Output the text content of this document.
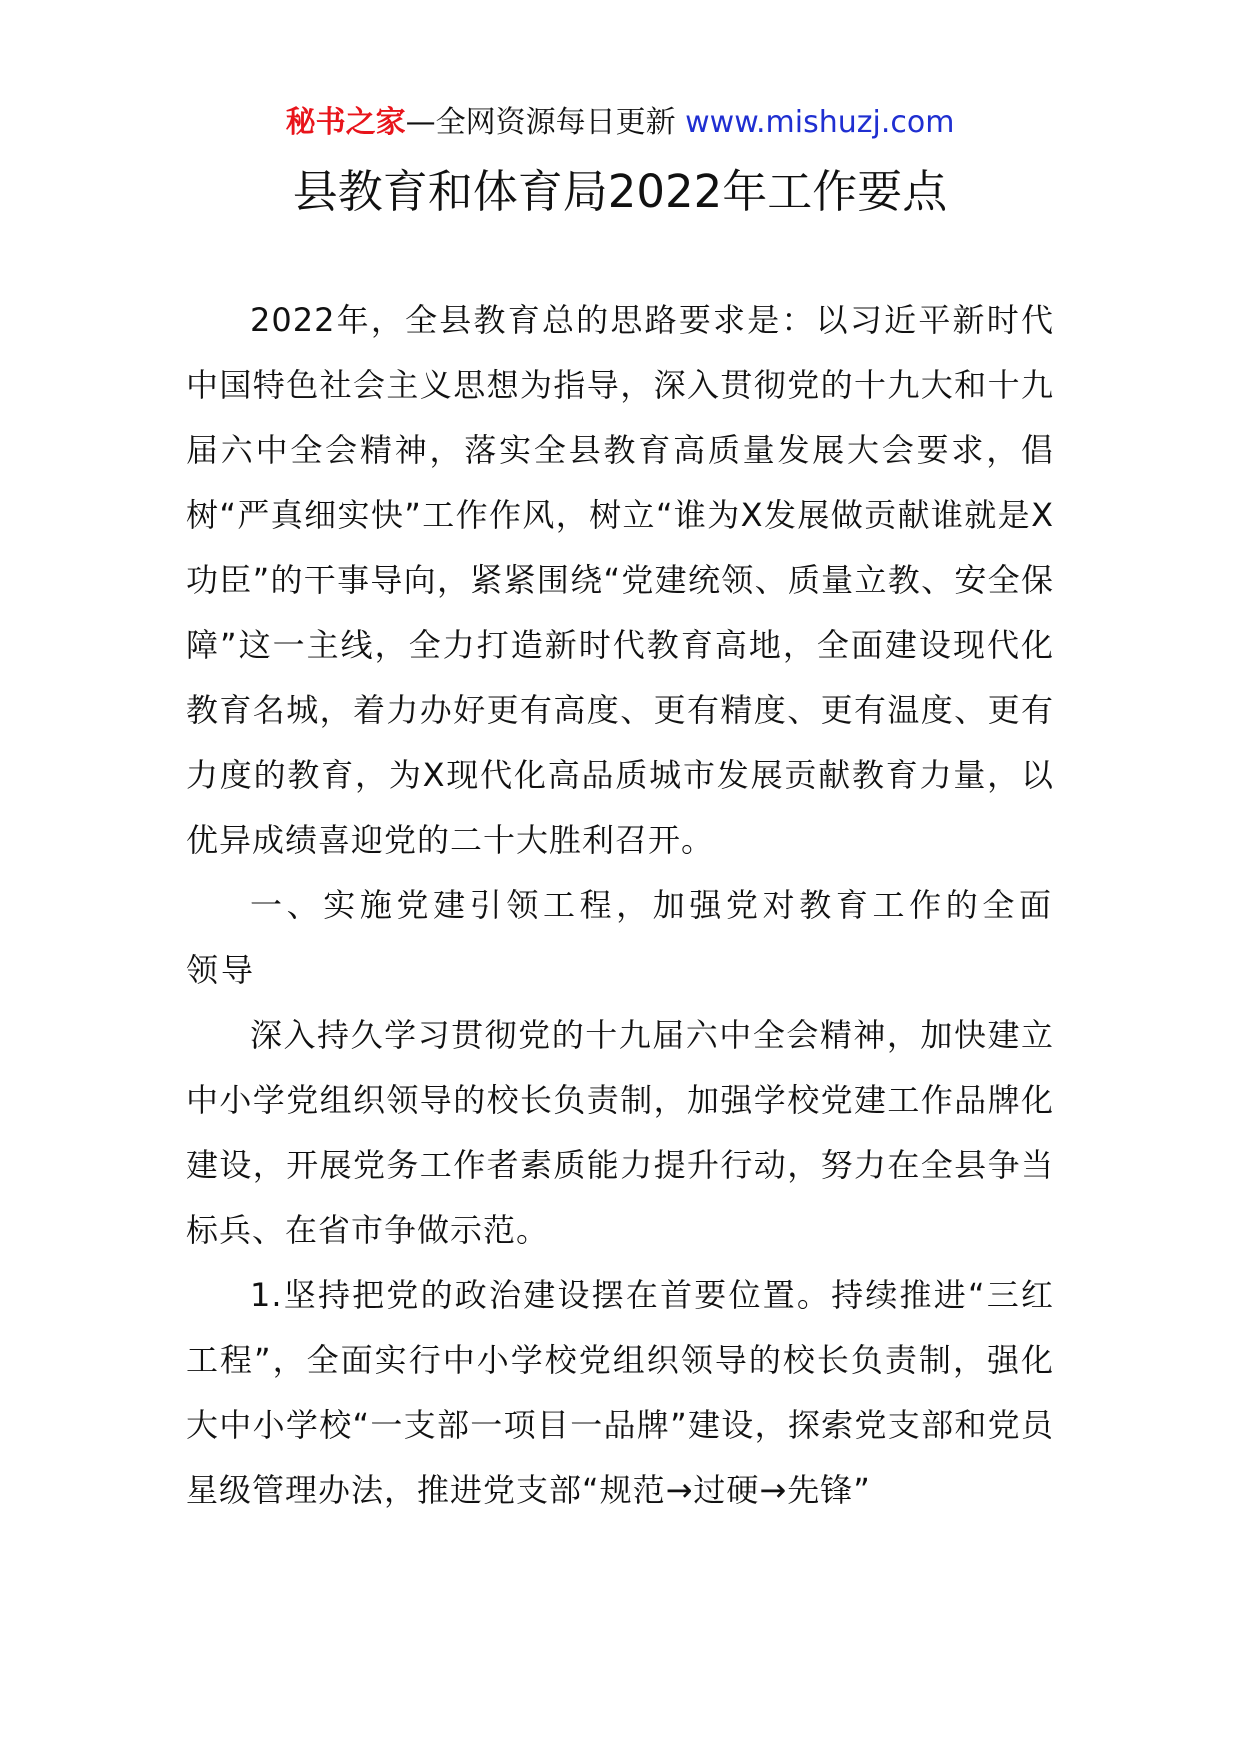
秘书之家—全网资源每日更新 www.mishuzj.com
县教育和体育局2022年工作要点

2022年，全县教育总的思路要求是：以习近平新时代中国特色社会主义思想为指导，深入贯彻党的十九大和十九届六中全会精神，落实全县教育高质量发展大会要求，倡树“严真细实快”工作作风，树立“谁为X发展做贡献谁就是X功臣”的干事导向，紧紧围绕“党建统领、质量立教、安全保障”这一主线，全力打造新时代教育高地，全面建设现代化教育名城，着力办好更有高度、更有精度、更有温度、更有力度的教育，为X现代化高品质城市发展贡献教育力量，以优异成绩喜迎党的二十大胜利召开。

一、实施党建引领工程，加强党对教育工作的全面领导

深入持久学习贯彻党的十九届六中全会精神，加快建立中小学党组织领导的校长负责制，加强学校党建工作品牌化建设，开展党务工作者素质能力提升行动，努力在全县争当标兵、在省市争做示范。

1.坚持把党的政治建设摆在首要位置。持续推进“三红工程”，全面实行中小学校党组织领导的校长负责制，强化大中小学校“一支部一项目一品牌”建设，探索党支部和党员星级管理办法，推进党支部“规范→过硬→先锋”
